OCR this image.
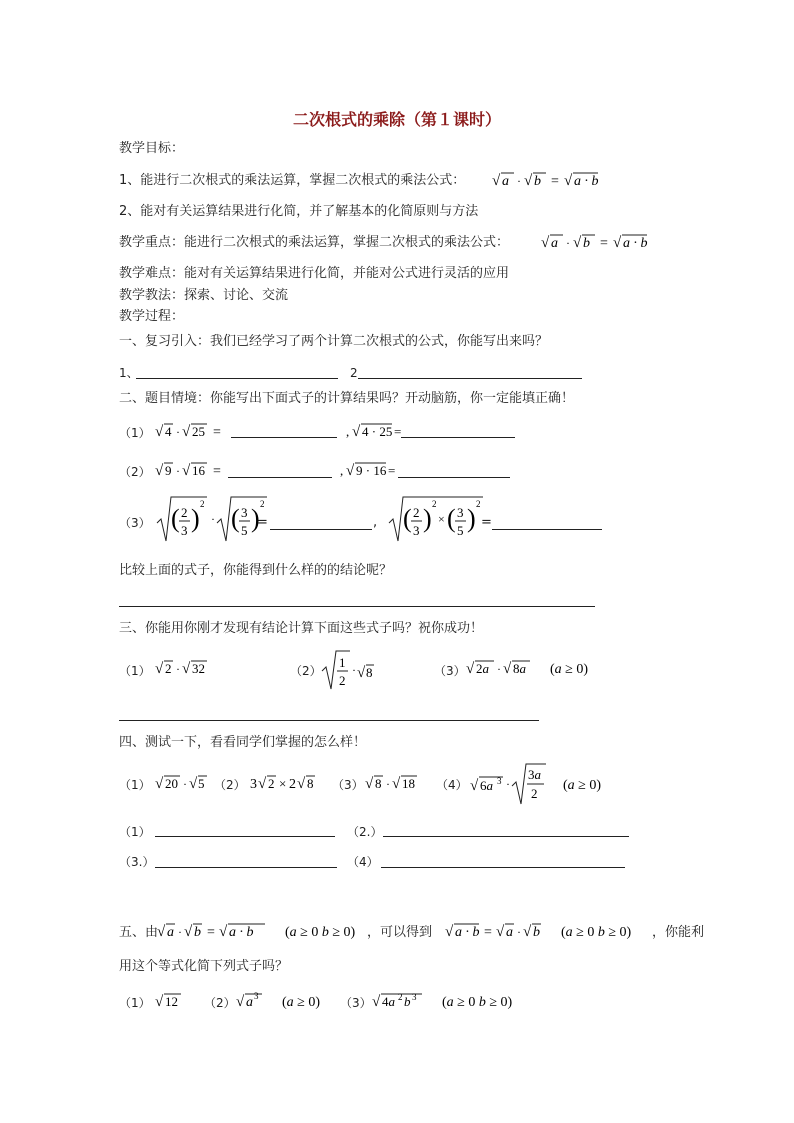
二次根式的乘除（第１课时）
教学目标：
1、能进行二次根式的乘法运算，掌握二次根式的乘法公式： √ a · √ b = √ a · b
2、能对有关运算结果进行化简，并了解基本的化简原则与方法
教学重点：能进行二次根式的乘法运算，掌握二次根式的乘法公式： √ a · √ b = √ a · b
教学难点：能对有关运算结果进行化简，并能对公式进行灵活的应用
教学教法：探索、讨论、交流
教学过程：
一、复习引入：我们已经学习了两个计算二次根式的公式，你能写出来吗？
1、	2
二、题目情境：你能写出下面式子的计算结果吗？开动脑筋，你一定能填正确！
（1） √ 4 · √ 25 =	, √ 4 · 25 =
（2） √ 9 · √ 16 =	, √ 9 · 16 =
（3） ( 2
3 ) 2
· ( 3
5 ) 2
=	, ( 2
3 ) 2
× ( 3
5 ) 2
=
比较上面的式子，你能得到什么样的的结论呢？
三、你能用你刚才发现有结论计算下面这些式子吗？祝你成功！
（1） √ 2 · √ 32	（2）
1
2
· √ 8	（3） √ 2a · √ 8a (a ≥ 0)
四、测试一下，看看同学们掌握的怎么样！
（1） √ 20 · √ 5 （2） 3 √ 2 × 2 √ 8 （3） √ 8 · √ 18 （4） √ 6a 3 ·
3a
2
(a ≥ 0)
（1）	（2.）
（3.）	（4）
五、由
√ a · √ b = √ a · b (a ≥ 0 b ≥ 0) ，可以得到 √ a · b = √ a · √ b (a ≥ 0 b ≥ 0) ，你能利
用这个等式化简下列式子吗？
（1） √ 12 （2） √ a 3 (a ≥ 0) （3） √ 4a 2 b 3 (a ≥ 0 b ≥ 0)
